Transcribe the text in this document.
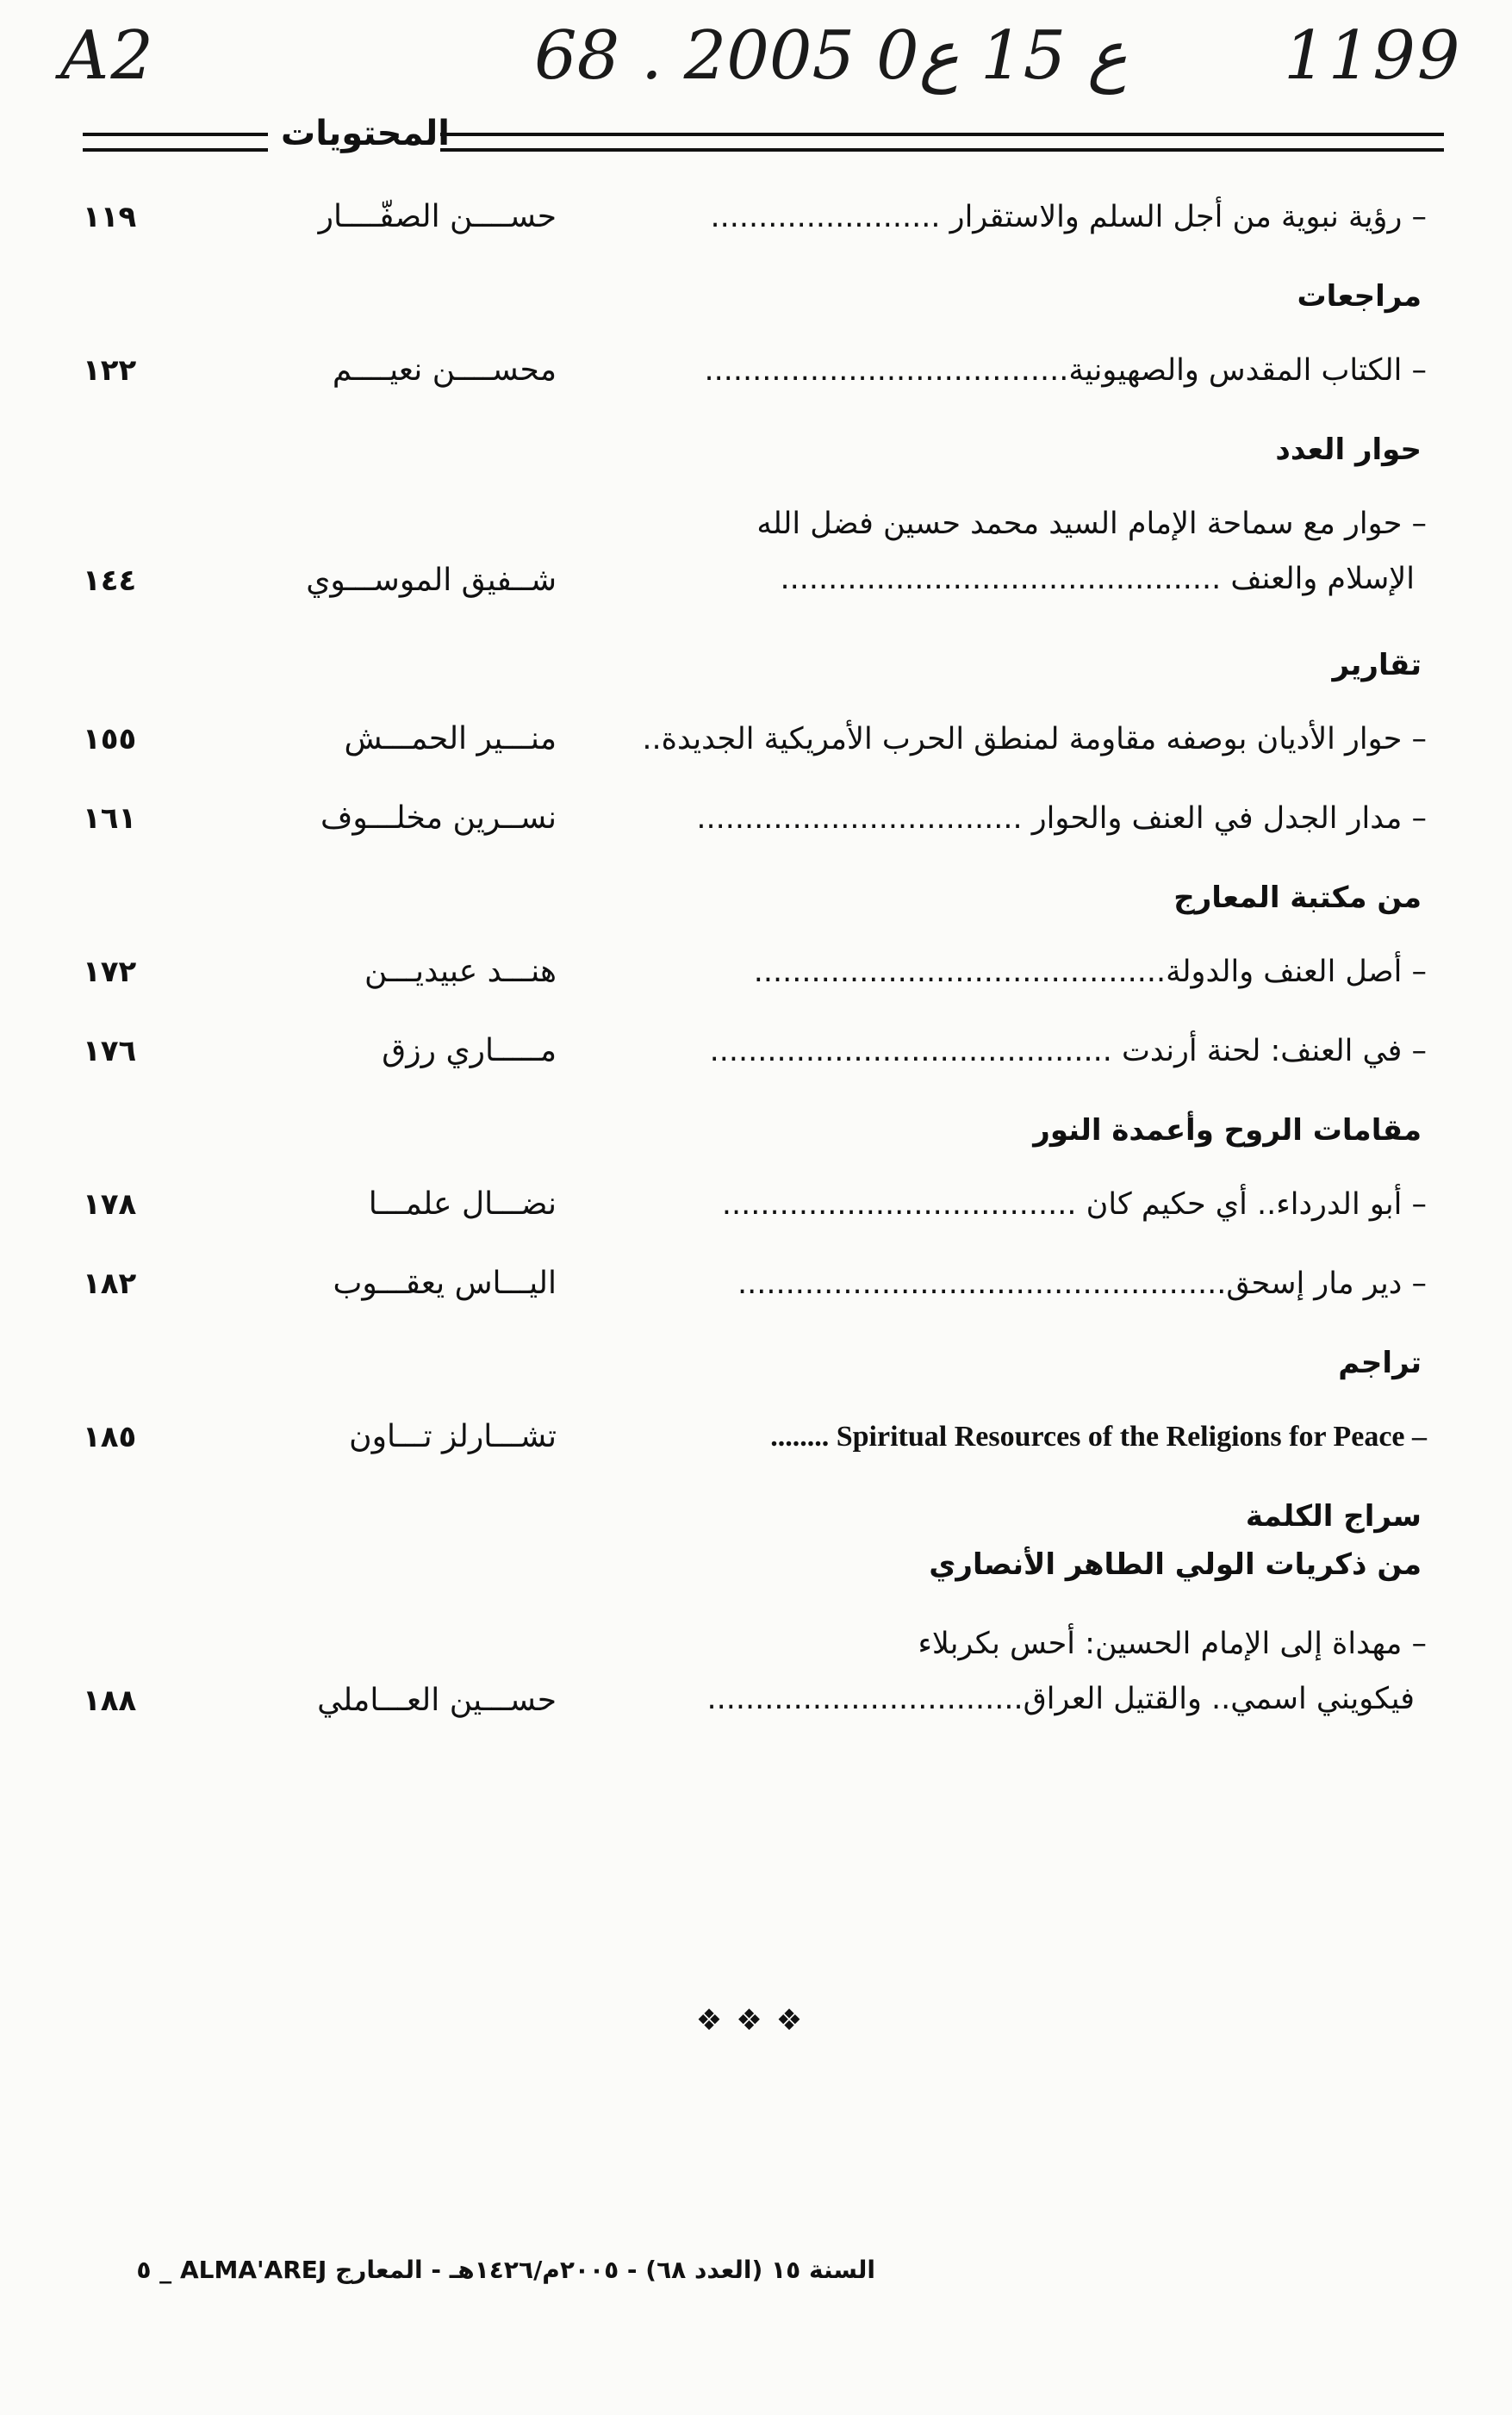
A2	68 . ع 15 ع0 2005 1199
المحتويات
– رؤية نبوية من أجل السلم والاستقرار ........................
حســــن الصفّــــار
١١٩
مراجعات
– الكتاب المقدس والصهيونية......................................
محســــن نعيــــم
١٢٢
حوار العدد
– حوار مع سماحة الإمام السيد محمد حسين فضل الله
الإسلام والعنف ..............................................
شــفيق الموســـوي
١٤٤
تقارير
– حوار الأديان بوصفه مقاومة لمنطق الحرب الأمريكية الجديدة..
منـــير الحمـــش
١٥٥
– مدار الجدل في العنف والحوار ..................................
نســرين مخلـــوف
١٦١
من مكتبة المعارج
– أصل العنف والدولة...........................................
هنـــد عبيديـــن
١٧٢
– في العنف: لحنة أرندت ..........................................
مـــــاري رزق
١٧٦
مقامات الروح وأعمدة النور
– أبو الدرداء.. أي حكيم كان .....................................
نضـــال علمـــا
١٧٨
– دير مار إسحق...................................................
اليـــاس يعقـــوب
١٨٢
تراجم
........ Spiritual Resources of the Religions for Peace –
تشـــارلز تـــاون
١٨٥
سراج الكلمة
من ذكريات الولي الطاهر الأنصاري
– مهداة إلى الإمام الحسين: أحس بكربلاء
فيكويني اسمي.. والقتيل العراق.................................
حســـين العـــاملي
١٨٨
❖❖❖
السنة ١٥ (العدد ٦٨) - ٢٠٠٥م/١٤٢٦هـ - المعارج ALMA'AREJ _ ٥
